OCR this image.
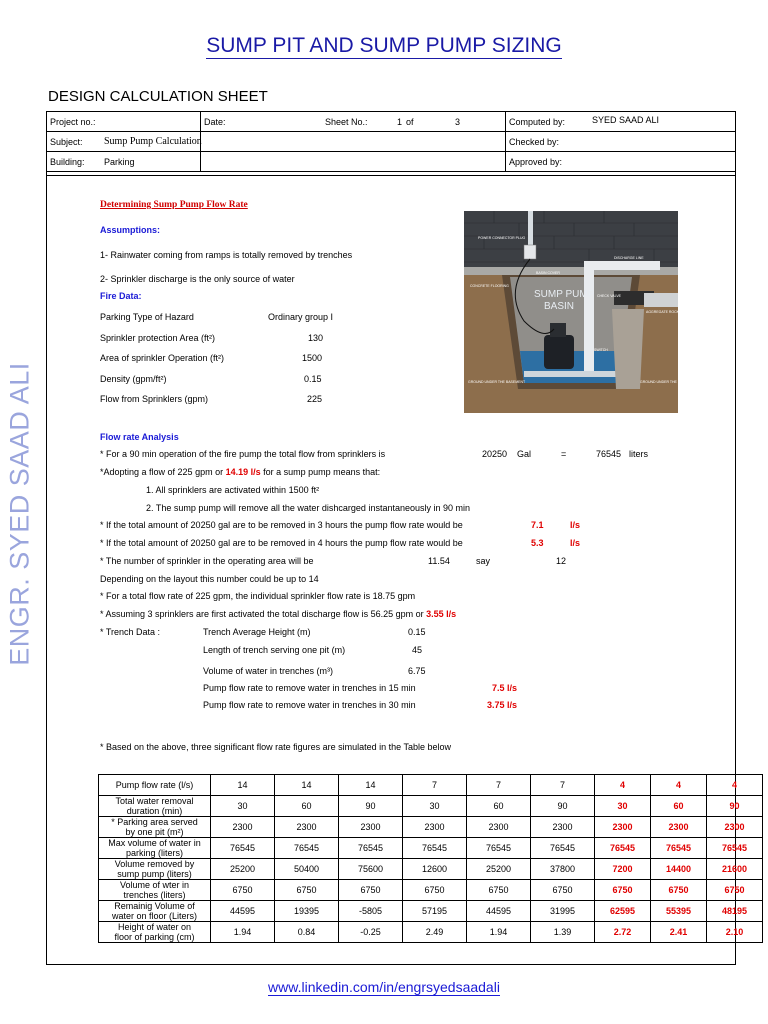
SUMP PIT AND SUMP PUMP SIZING
DESIGN CALCULATION SHEET
ENGR. SYED SAAD ALI
Project no.:	Date: Sheet No.: 1 of 3	Computed by: SYED SAAD ALI

Subject:	Sump Pump Calculation	Checked by:
Building:	Parking	Approved by:
Determining Sump Pump Flow Rate
Assumptions:
1- Rainwater coming from ramps is totally removed by trenches
2- Sprinkler discharge is the only source of water
Fire Data:
Parking Type of Hazard	Ordinary group I
Sprinkler protection Area (ft²)	130
Area of sprinkler Operation (ft²)	1500
Density (gpm/ft²)	0.15
Flow from Sprinklers (gpm)	225
SUMP PUMP
BASIN
BASIN COVER
CONCRETE FLOORING
CHECK VALVE
AGGREGATE ROCK
DISCHARGE LINE
POWER CONNECTOR PLUG
SWITCH
GROUND UNDER THE BASEMENT	GROUND UNDER THE BASEMENT
Flow rate Analysis
* For a 90 min operation of the fire pump the total flow from sprinklers is	20250 Gal	=	76545 liters
*Adopting a flow of 225 gpm or 14.19 l/s for a sump pump means that:
1. All sprinklers are activated within 1500 ft²
2. The sump pump will remove all the water dishcarged instantaneously in 90 min
* If the total amount of 20250 gal are to be removed in 3 hours the pump flow rate would be	7.1	l/s
* If the total amount of 20250 gal are to be removed in 4 hours the pump flow rate would be	5.3	l/s
* The number of sprinkler in the operating area will be	11.54	say	12
Depending on the layout this number could be up to 14
* For a total flow rate of 225 gpm, the individual sprinkler flow rate is 18.75 gpm
* Assuming 3 sprinklers are first activated the total discharge flow is 56.25 gpm or 3.55 l/s
* Trench Data :	Trench Average Height (m)	0.15
Length of trench serving one pit (m)	45
Volume of water in trenches (m³)	6.75
Pump flow rate to remove water in trenches in 15 min	7.5 l/s
Pump flow rate to remove water in trenches in 30 min	3.75 l/s
* Based on the above, three significant flow rate figures are simulated in the Table below
Pump flow rate (l/s)	14	14	14	7	7	7	4	4	4

Total water removal
duration (min)	30	60	90	30	60	90	30	60	90

* Parking area served
by one pit (m²)	2300	2300	2300	2300	2300	2300	2300	2300	2300

Max volume of water in
parking (liters)	76545	76545	76545	76545	76545	76545	76545	76545	76545

Volume removed by
sump pump (liters)	25200	50400	75600	12600	25200	37800	7200	14400	21600

Volume of wter in
trenches (liters)	6750	6750	6750	6750	6750	6750	6750	6750	6750

Remainig Volume of
water on floor (Liters)	44595	19395	-5805	57195	44595	31995	62595	55395	48195

Height of water on
floor of parking (cm)	1.94	0.84	-0.25	2.49	1.94	1.39	2.72	2.41	2.10
www.linkedin.com/in/engrsyedsaadali
